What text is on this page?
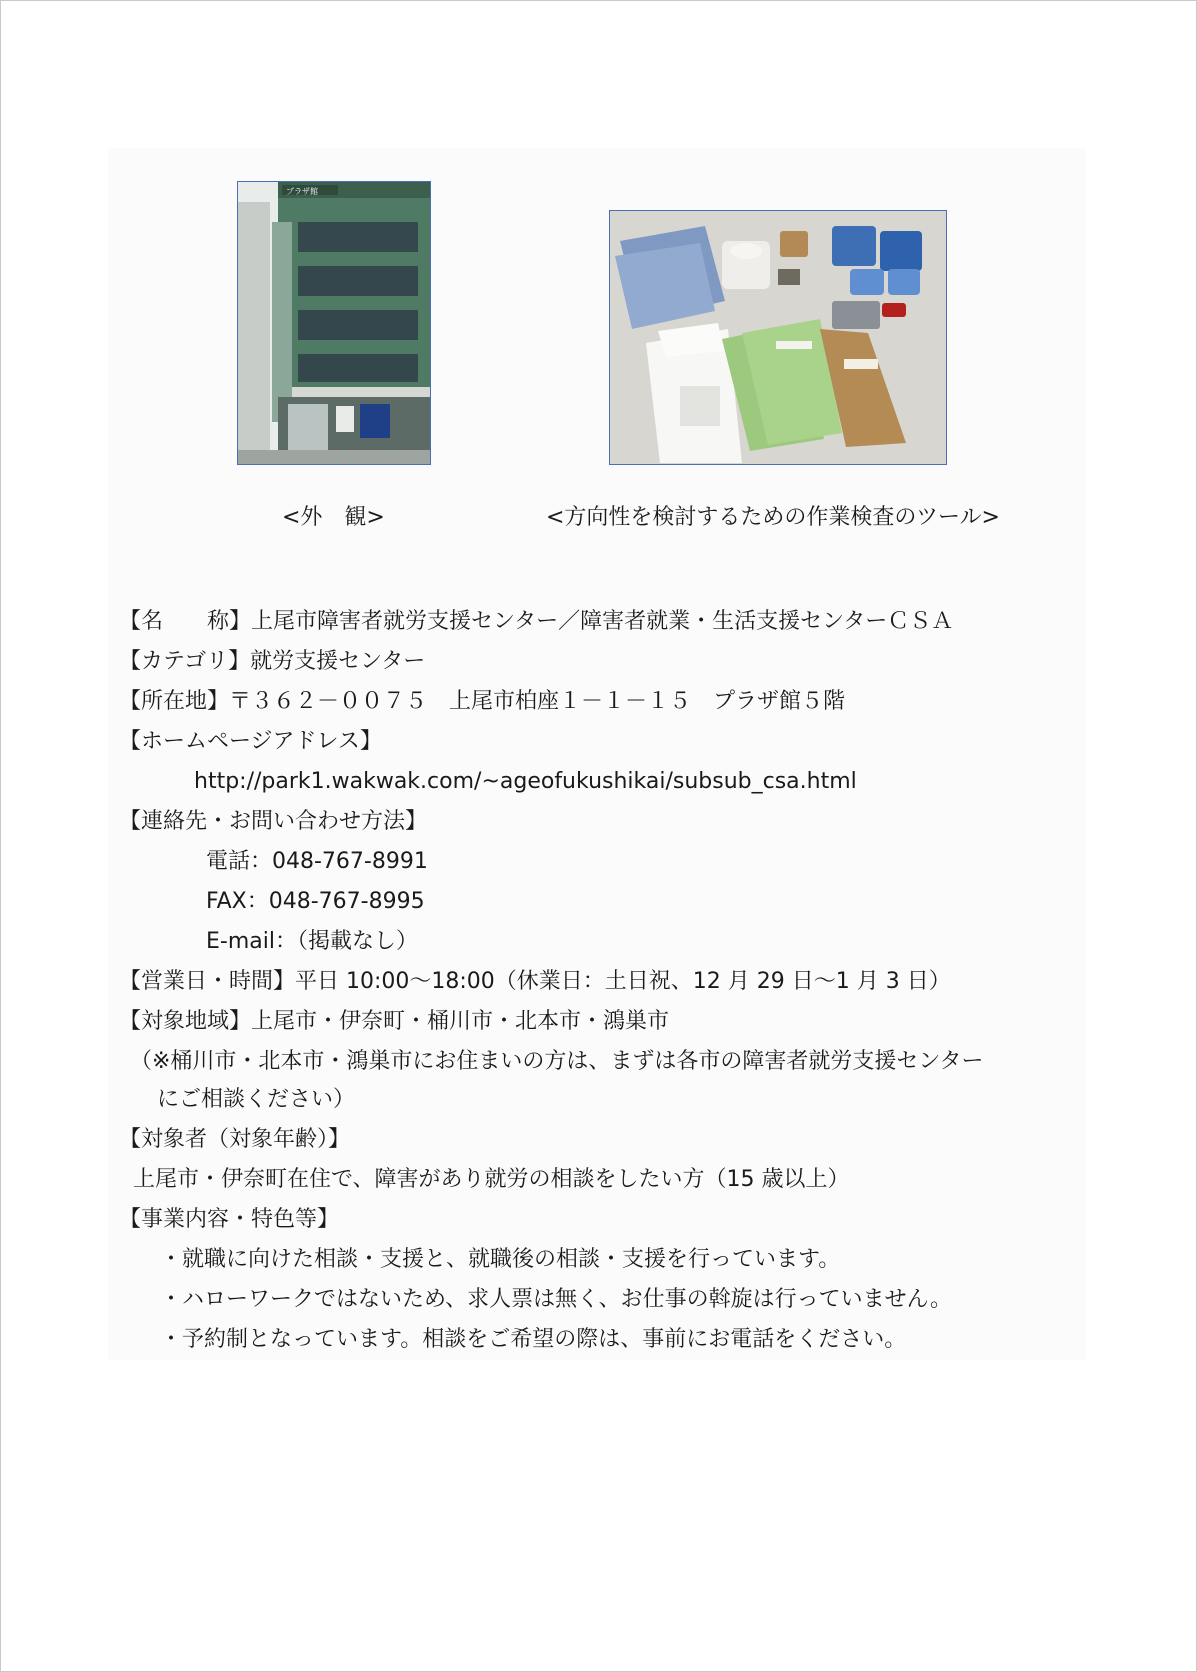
プラザ館
<外　観>	<方向性を検討するための作業検査のツール>
【名　　称】上尾市障害者就労支援センター／障害者就業・生活支援センターＣＳＡ
【カテゴリ】就労支援センター
【所在地】〒３６２－００７５　上尾市柏座１－１－１５　プラザ館５階
【ホームページアドレス】
http://park1.wakwak.com/~ageofukushikai/subsub_csa.html
【連絡先・お問い合わせ方法】
電話：048-767-8991
FAX：048-767-8995
E-mail：（掲載なし）
【営業日・時間】平日 10:00～18:00（休業日：土日祝、12 月 29 日～1 月 3 日）
【対象地域】上尾市・伊奈町・桶川市・北本市・鴻巣市
（※桶川市・北本市・鴻巣市にお住まいの方は、まずは各市の障害者就労支援センター
にご相談ください）
【対象者（対象年齢）】
上尾市・伊奈町在住で、障害があり就労の相談をしたい方（15 歳以上）
【事業内容・特色等】
・就職に向けた相談・支援と、就職後の相談・支援を行っています。
・ハローワークではないため、求人票は無く、お仕事の斡旋は行っていません。
・予約制となっています。相談をご希望の際は、事前にお電話をください。
